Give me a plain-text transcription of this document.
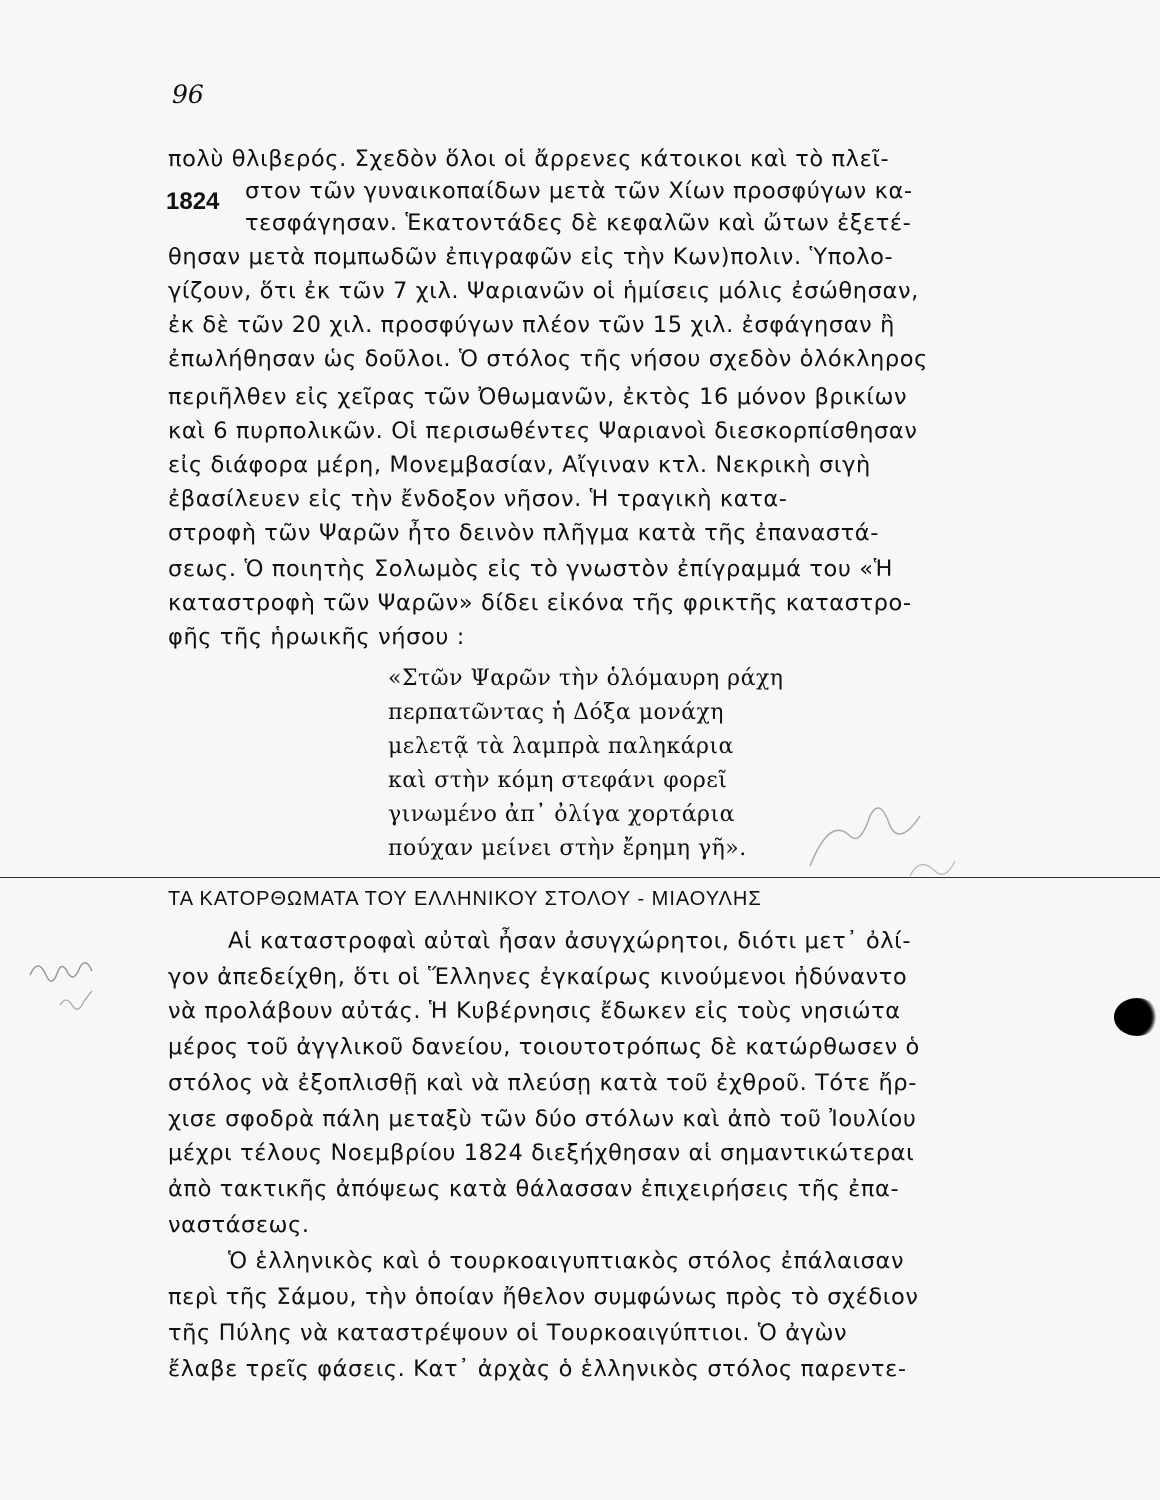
96
1824
πολὺ θλιβερός. Σχεδὸν ὅλοι οἱ ἄρρενες κάτοικοι καὶ τὸ πλεῖ-
στον τῶν γυναικοπαίδων μετὰ τῶν Χίων προσφύγων κα-
τεσφάγησαν. Ἑκατοντάδες δὲ κεφαλῶν καὶ ὤτων ἐξετέ-
θησαν μετὰ πομπωδῶν ἐπιγραφῶν εἰς τὴν Κων)πολιν. Ὑπολο-
γίζουν, ὅτι ἐκ τῶν 7 χιλ. Ψαριανῶν οἱ ἡμίσεις μόλις ἐσώθησαν,
ἐκ δὲ τῶν 20 χιλ. προσφύγων πλέον τῶν 15 χιλ. ἐσφάγησαν ἢ
ἐπωλήθησαν ὡς δοῦλοι. Ὁ στόλος τῆς νήσου σχεδὸν ὁλόκληρος
περιῆλθεν εἰς χεῖρας τῶν Ὀθωμανῶν, ἐκτὸς 16 μόνον βρικίων
καὶ 6 πυρπολικῶν. Οἱ περισωθέντες Ψαριανοὶ διεσκορπίσθησαν
εἰς διάφορα μέρη, Μονεμβασίαν, Αἴγιναν κτλ. Νεκρικὴ σιγὴ
ἐβασίλευεν εἰς τὴν ἔνδοξον νῆσον. Ἡ τραγικὴ κατα-
στροφὴ τῶν Ψαρῶν ἦτο δεινὸν πλῆγμα κατὰ τῆς ἐπαναστά-
σεως. Ὁ ποιητὴς Σολωμὸς εἰς τὸ γνωστὸν ἐπίγραμμά του «Ἡ
καταστροφὴ τῶν Ψαρῶν» δίδει εἰκόνα τῆς φρικτῆς καταστρο-
φῆς τῆς ἡρωικῆς νήσου :
«Στῶν Ψαρῶν τὴν ὁλόμαυρη ράχη
περπατῶντας ἡ Δόξα μονάχη
μελετᾷ τὰ λαμπρὰ παληκάρια
καὶ στὴν κόμη στεφάνι φορεῖ
γινωμένο ἀπ᾽ ὀλίγα χορτάρια
πούχαν μείνει στὴν ἔρημη γῆ».
ΤΑ ΚΑΤΟΡΘΩΜΑΤΑ ΤΟΥ ΕΛΛΗΝΙΚΟΥ ΣΤΟΛΟΥ - ΜΙΑΟΥΛΗΣ
Αἱ καταστροφαὶ αὐταὶ ἦσαν ἀσυγχώρητοι, διότι μετ᾽ ὀλί-
γον ἀπεδείχθη, ὅτι οἱ Ἕλληνες ἐγκαίρως κινούμενοι ἠδύναντο
νὰ προλάβουν αὐτάς. Ἡ Κυβέρνησις ἔδωκεν εἰς τοὺς νησιώτα
μέρος τοῦ ἀγγλικοῦ δανείου, τοιουτοτρόπως δὲ κατώρθωσεν ὁ
στόλος νὰ ἐξοπλισθῇ καὶ νὰ πλεύσῃ κατὰ τοῦ ἐχθροῦ. Τότε ἤρ-
χισε σφοδρὰ πάλη μεταξὺ τῶν δύο στόλων καὶ ἀπὸ τοῦ Ἰουλίου
μέχρι τέλους Νοεμβρίου 1824 διεξήχθησαν αἱ σημαντικώτεραι
ἀπὸ τακτικῆς ἀπόψεως κατὰ θάλασσαν ἐπιχειρήσεις τῆς ἐπα-
ναστάσεως.
Ὁ ἑλληνικὸς καὶ ὁ τουρκοαιγυπτιακὸς στόλος ἐπάλαισαν
περὶ τῆς Σάμου, τὴν ὁποίαν ἤθελον συμφώνως πρὸς τὸ σχέδιον
τῆς Πύλης νὰ καταστρέψουν οἱ Τουρκοαιγύπτιοι. Ὁ ἀγὼν
ἔλαβε τρεῖς φάσεις. Κατ᾽ ἀρχὰς ὁ ἑλληνικὸς στόλος παρεντε-
